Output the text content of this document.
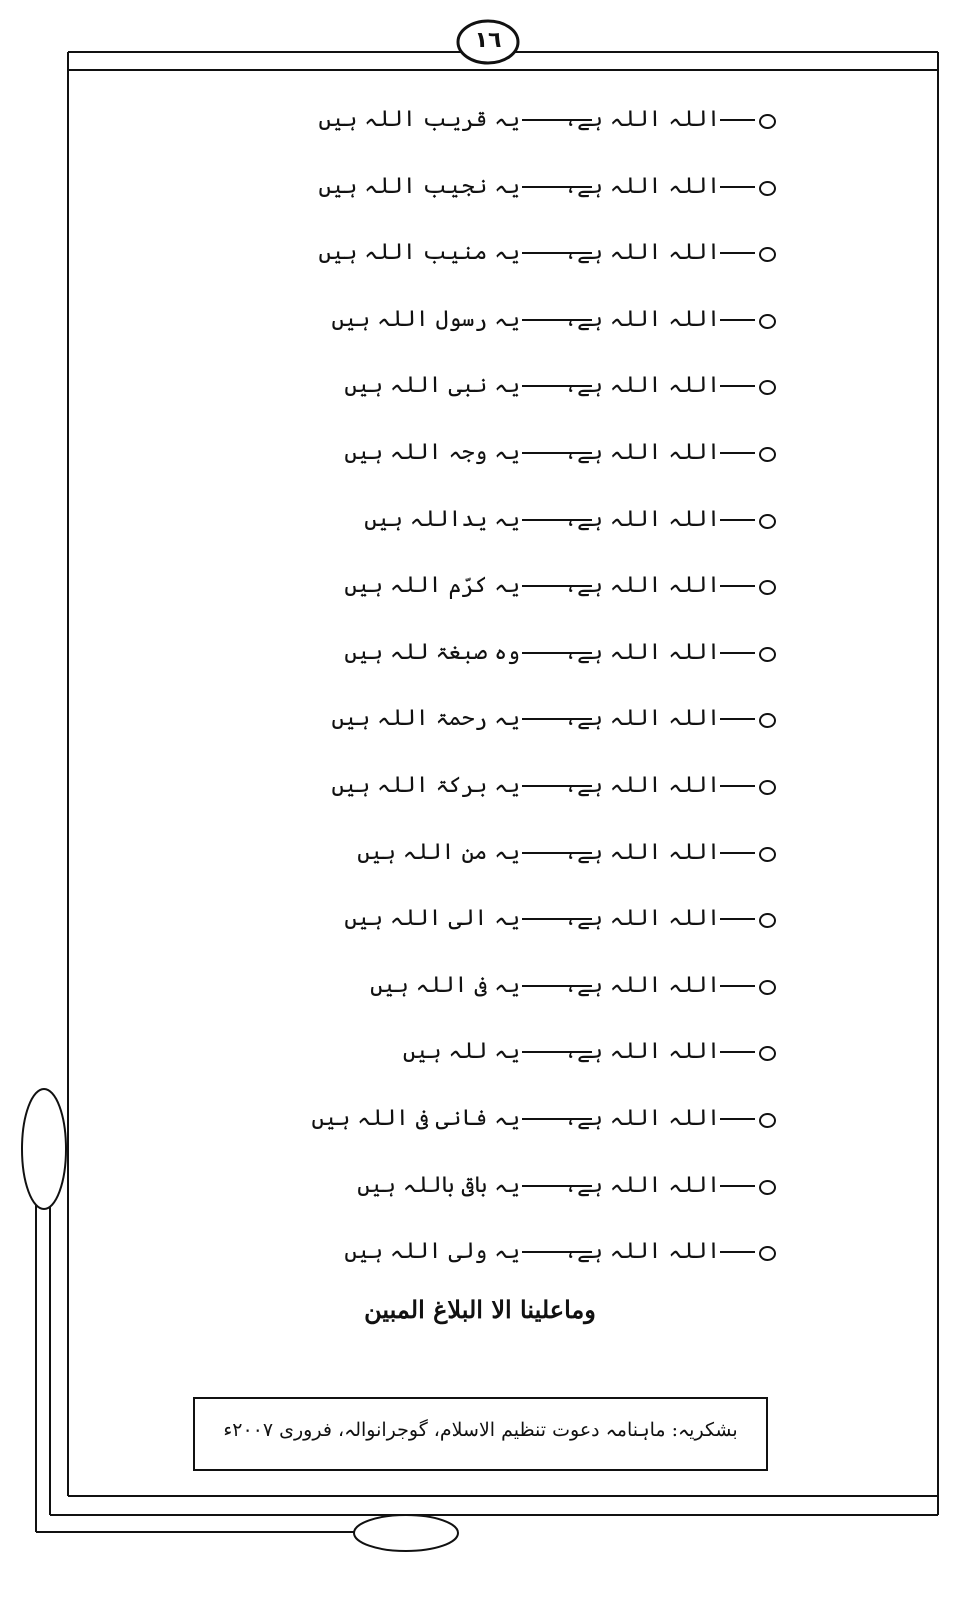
١٦
اللہ اللہ ہے،
یہ قریب اللہ ہیں
اللہ اللہ ہے،
یہ نجیب اللہ ہیں
اللہ اللہ ہے،
یہ منیب اللہ ہیں
اللہ اللہ ہے،
یہ رسول اللہ ہیں
اللہ اللہ ہے،
یہ نبی اللہ ہیں
اللہ اللہ ہے،
یہ وجہ اللہ ہیں
اللہ اللہ ہے،
یہ یداللہ ہیں
اللہ اللہ ہے،
یہ کرّم اللہ ہیں
اللہ اللہ ہے،
وہ صبغۃ للہ ہیں
اللہ اللہ ہے،
یہ رحمۃ اللہ ہیں
اللہ اللہ ہے،
یہ برکۃ اللہ ہیں
اللہ اللہ ہے،
یہ من اللہ ہیں
اللہ اللہ ہے،
یہ الی اللہ ہیں
اللہ اللہ ہے،
یہ فی اللہ ہیں
اللہ اللہ ہے،
یہ للہ ہیں
اللہ اللہ ہے،
یہ فانی فی اللہ ہیں
اللہ اللہ ہے،
یہ باقی باللہ ہیں
اللہ اللہ ہے،
یہ ولی اللہ ہیں
وماعلینا الا البلاغ المبین
بشکریہ: ماہنامہ دعوت تنظیم الاسلام، گوجرانوالہ، فروری ۲۰۰۷ء
